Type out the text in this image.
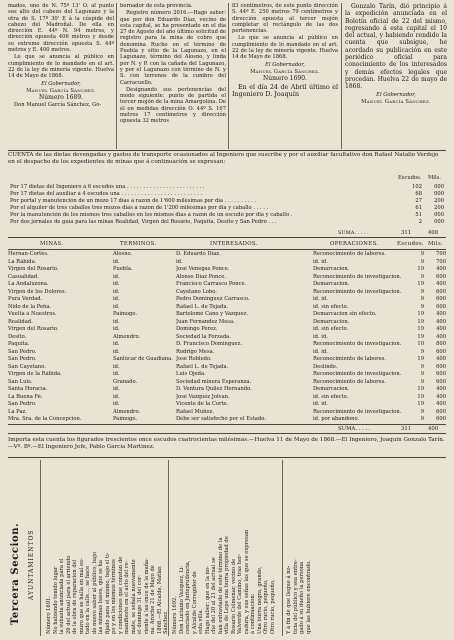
mados, uno de N. 75º 13' O. al punto sus alto del cabezo del Lagunazo y la otra de S. 17º 30' E á la cúspide del cabezo del Madroñal. De ella en dirección E. 44º N. 94 metros, y dirección opuesta 406 metros y desde su extremo dirección opuesta S. 44º metros y E. 400 metros.

Lo que se anuncia al público en cumplimiento de lo mandado en el art. 22 de la ley de minería vigente. Huelva 14 de Mayo de 1868.

El Gobernador,

Manuel García Sánchez.

Número 1689.

Don Manuel García Sánchez, Go-

bernador de esta provincia.

Registro número 2016.—Hago saber: que por don Eduardo Díaz, vecino de esta capital, se ha presentado en el día 27 de Agosto del año último solicitud de registro para la mina de cobre que denomina Rucho en el término de Puebla y sitio de la Lagunazo, en el Lagunazo, término del Alosno, y linda por N. y P. con la cañada del Lagunazo, y por el Lagunazo con término de N. y S. con terrenos de la cumbre del Carracuello.

Designando sus pertenencias del modo siguiente: punto de partida el tercer mojón de la mina Amargolina. De él en medidas dirección O. 44º S. 167 metros 17 centímetros y dirección opuesta 32 metros

83 centímetros, de este punto dirección S. 44º E. 250 metros 79 centímetros y dirección opuesta al tercer mojón completar el rectángulo de las dos pertenencias.

Lo que se anuncia al público en cumplimiento de lo mandado en el art. 22 de la ley de minería vigente. Huelva 14 de Mayo de 1868.

El Gobernador,

Manuel García Sánchez.

Número 1690.

En el día 24 de Abril último el Ingeniero D. Joaquín

Gonzalo Tarín, dió principio á la expedición anunciada en el Boletín oficial de 22 del mismo, regresando á esta capital el 10 del actual, y habiendo rendido la cuenta que subsigue, he acordado su publicación en este periódico oficial para conocimiento de los interesados y demás efectos legales que procedan. Huelva 22 de mayo de 1868.

El Gobernador,

Manuel García Sánchez.

CUENTA de las dietas devengadas y gastos de transporte ocasionados al Ingeniero que suscribe y por el auxiliar facultativo don Rafael Natalio Verdejo en el despacho de los expedientes de minas que á continuación se expresan:
Escudos. Mils.
Por 17 dietas del Ingeniero á 6 escudos una . . . . . . . . . . . . . . . . . . . . . . . .	102	000
Por 17 dietas del auxiliar á 4 escudos una . . . . . . . . . . . . . . . . . . . . . . . . .	68	000
Por portal y manutención de un mozo 17 días á razon de 1'600 milésimas por día . . . . . . . . . .	27	200
Por el alquiler de tres caballos tres mozos dias á razon de 1'200 milésimas por dia y caballo . . . . .	61	200
Por la manutención de los mismos tres caballos en los mismos dias á razon de un escudo por dia y caballo .	51	000
Por dos jornales de guía para las minas Realidad, Virgen del Rosario, Paquita, Desito y San Pedro . . .	2	000
SUMA. . . . .	311	400
MINAS.	TERMINOS.	INTERESADOS.	OPERACIONES.	Escudos. Mils.
Hernan-Cortés.	Alosno.	D. Eduardo Díaz.	Reconocimiento de labores.	9	700
La Rábida.	id.	id.	id. id.	9	700
Virgen del Rosario.	Puebla.	José Venegas Ponce.	Demarcacion.	19	400
Casualidad.	id.	Alonso Díaz Ponce.	Reconocimiento de investigacion.	9	600
La Andaluzona.	id.	Francisco Carrasco Ponce.	Demarcacion.	19	400
Virgen de los Dolores.	id.	Cayetano Lobo.	Reconocimiento de investigacion.	9	600
Pura Verdad.	id.	Pedro Dominguez Carrasco.	id. id.	9	600
Nido de la Peña.	id.	Rafael L. de Tejada.	id. sin efecto.	9	600
Vuelta á Nuestros.	Paimogo.	Bartolomé Cano y Vazquez.	Demarcacion sin efecto.	19	400
Realidad.	id.	Juan Fernandez Mesa.	Demarcacion.	19	400
Virgen del Rosario.	id.	Domingo Perez.	id. sin efecto.	19	400
Desito.	Almendro.	Sociedad la Forzada.	id. id.	19	400
Paquita.	id.	D. Francisco Dominguez.	Reconocimiento de investigacion.	10	800
San Pedro.	id.	Rodrigo Mesa.	id. id.	9	600
San Pedro.	Sanlúcar de Guadiana. José Robledo.	Reconocimiento de labores.	19	400
San Cayetano.	id.	Rafael L. de Tejada.	Deslinde.	9	600
Virgen de la Rábida.	id.	Luis Ojeda.	Reconocimiento de investigacion.	9	600
San Luis.	Granado.	Sociedad minera Esperanza.	Reconocimiento de labores.	9	600
Santa Horacia.	id.	D. Ventura Quilez Hernando.	Demarcacion.	19	400
La Buena Fé.	id.	José Vazquez Jolvan.	id. sin efecto.	19	400
San Pedro.	id.	Vicente de la Corte.	id. id.	19	400
La Paz.	Almendro.	Rafael Muñoz.	Reconocimiento de investigacion.	9	600
Mra. Sra. de la Concepcion.	Paimogo.	Debe ser satisfecho por el Estado.	id. por abandono.	9	600
SUMA. . . . .	311	400
Importa esta cuenta los figurados trescientos once escudos cuatrocientas milésimas.—Huelva 11 de Mayo de 1868.—El Ingeniero, Joaquin Gonzalo Tarín.—Vº. Bº.—El Ingeniero Jefe, Pablo Garcia Martinez.
Tercera Seccion. AYUNTAMIENTOS
Número 1691. No habiendo tenido lugar la subasta anunciada para el 20 del actual para el arriendo de la obra de reparacion del muro que se halla en mal es- tado en la calle..., se hace de nuevo saber al público, bajo las mismas bases, que se ha fijado para el mismo, bajo el ti- po y en los mismos términos y condiciones que constan de manifiesto en el acto del re- mate, se señala nuevamente el domingo 31 del cor- riente á las once de la maña- na. Aroche 21 de Mayo de 1868.—El Alcalde, Matias Sánchez. Número 1692. Don Lucianio Vazquez, Li- cenciado en Jurisprudencia, y Alcalde Corregidor de esta villa. Hago saber: que en la no- che del 20 al 21 del actual se han extraviado de este término de la villa de Lepe una burra propiedad de Rosario Colmenar, vecino de Valverde del Camino, tras her- radura, y sus señas las que se expresan á continuacion: Una burra negra, grande, Otro rucio, pequeño, Otro rucio, pequeño, Y á fin de que llegue á no- ticia del público y sea entre- gado á su dueño la persona que las hubiere encontrado.
